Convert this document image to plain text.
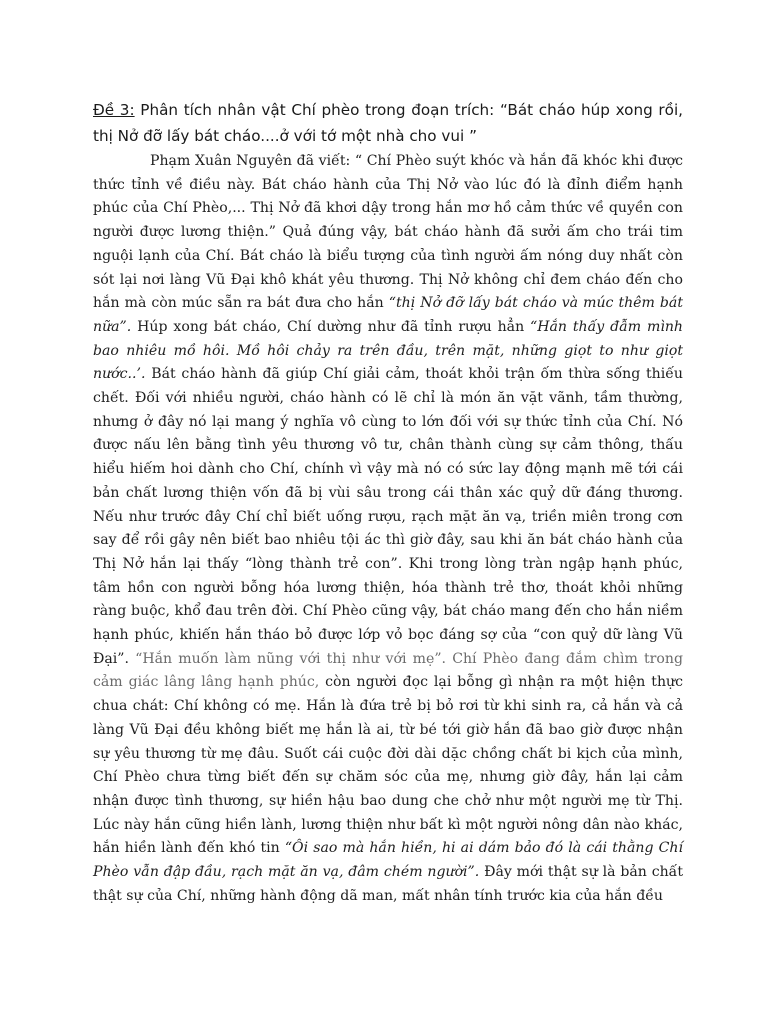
Đề 3: Phân tích nhân vật Chí phèo trong đoạn trích: “Bát cháo húp xong rồi, thị Nở đỡ lấy bát cháo....ở với tớ một nhà cho vui ”

Phạm Xuân Nguyên đã viết: “ Chí Phèo suýt khóc và hắn đã khóc khi được thức tỉnh về điều này. Bát cháo hành của Thị Nở vào lúc đó là đỉnh điểm hạnh phúc của Chí Phèo,... Thị Nở đã khơi dậy trong hắn mơ hồ cảm thức về quyền con người được lương thiện.” Quả đúng vậy, bát cháo hành đã sưởi ấm cho trái tim nguội lạnh của Chí. Bát cháo là biểu tượng của tình người ấm nóng duy nhất còn sót lại nơi làng Vũ Đại khô khát yêu thương. Thị Nở không chỉ đem cháo đến cho hắn mà còn múc sẵn ra bát đưa cho hắn “thị Nở đỡ lấy bát cháo và múc thêm bát nữa”. Húp xong bát cháo, Chí dường như đã tỉnh rượu hẳn “Hắn thấy đẫm mình bao nhiêu mồ hôi. Mồ hôi chảy ra trên đầu, trên mặt, những giọt to như giọt nước..’. Bát cháo hành đã giúp Chí giải cảm, thoát khỏi trận ốm thừa sống thiếu chết. Đối với nhiều người, cháo hành có lẽ chỉ là món ăn vặt vãnh, tầm thường, nhưng ở đây nó lại mang ý nghĩa vô cùng to lớn đối với sự thức tỉnh của Chí. Nó được nấu lên bằng tình yêu thương vô tư, chân thành cùng sự cảm thông, thấu hiểu hiếm hoi dành cho Chí, chính vì vậy mà nó có sức lay động mạnh mẽ tới cái bản chất lương thiện vốn đã bị vùi sâu trong cái thân xác quỷ dữ đáng thương. Nếu như trước đây Chí chỉ biết uống rượu, rạch mặt ăn vạ, triền miên trong cơn say để rồi gây nên biết bao nhiêu tội ác thì giờ đây, sau khi ăn bát cháo hành của Thị Nở hắn lại thấy “lòng thành trẻ con”. Khi trong lòng tràn ngập hạnh phúc, tâm hồn con người bỗng hóa lương thiện, hóa thành trẻ thơ, thoát khỏi những ràng buộc, khổ đau trên đời. Chí Phèo cũng vậy, bát cháo mang đến cho hắn niềm hạnh phúc, khiến hắn tháo bỏ được lớp vỏ bọc đáng sợ của “con quỷ dữ làng Vũ Đại”. “Hắn muốn làm nũng với thị như với mẹ”. Chí Phèo đang đắm chìm trong cảm giác lâng lâng hạnh phúc, còn người đọc lại bỗng gì nhận ra một hiện thực chua chát: Chí không có mẹ. Hắn là đứa trẻ bị bỏ rơi từ khi sinh ra, cả hắn và cả làng Vũ Đại đều không biết mẹ hắn là ai, từ bé tới giờ hắn đã bao giờ được nhận sự yêu thương từ mẹ đâu. Suốt cái cuộc đời dài dặc chồng chất bi kịch của mình, Chí Phèo chưa từng biết đến sự chăm sóc của mẹ, nhưng giờ đây, hắn lại cảm nhận được tình thương, sự hiền hậu bao dung che chở như một người mẹ từ Thị. Lúc này hắn cũng hiền lành, lương thiện như bất kì một người nông dân nào khác, hắn hiền lành đến khó tin “Ôi sao mà hắn hiền, hi ai dám bảo đó là cái thằng Chí Phèo vẫn đập đầu, rạch mặt ăn vạ, đâm chém người”. Đây mới thật sự là bản chất thật sự của Chí, những hành động dã man, mất nhân tính trước kia của hắn đều
